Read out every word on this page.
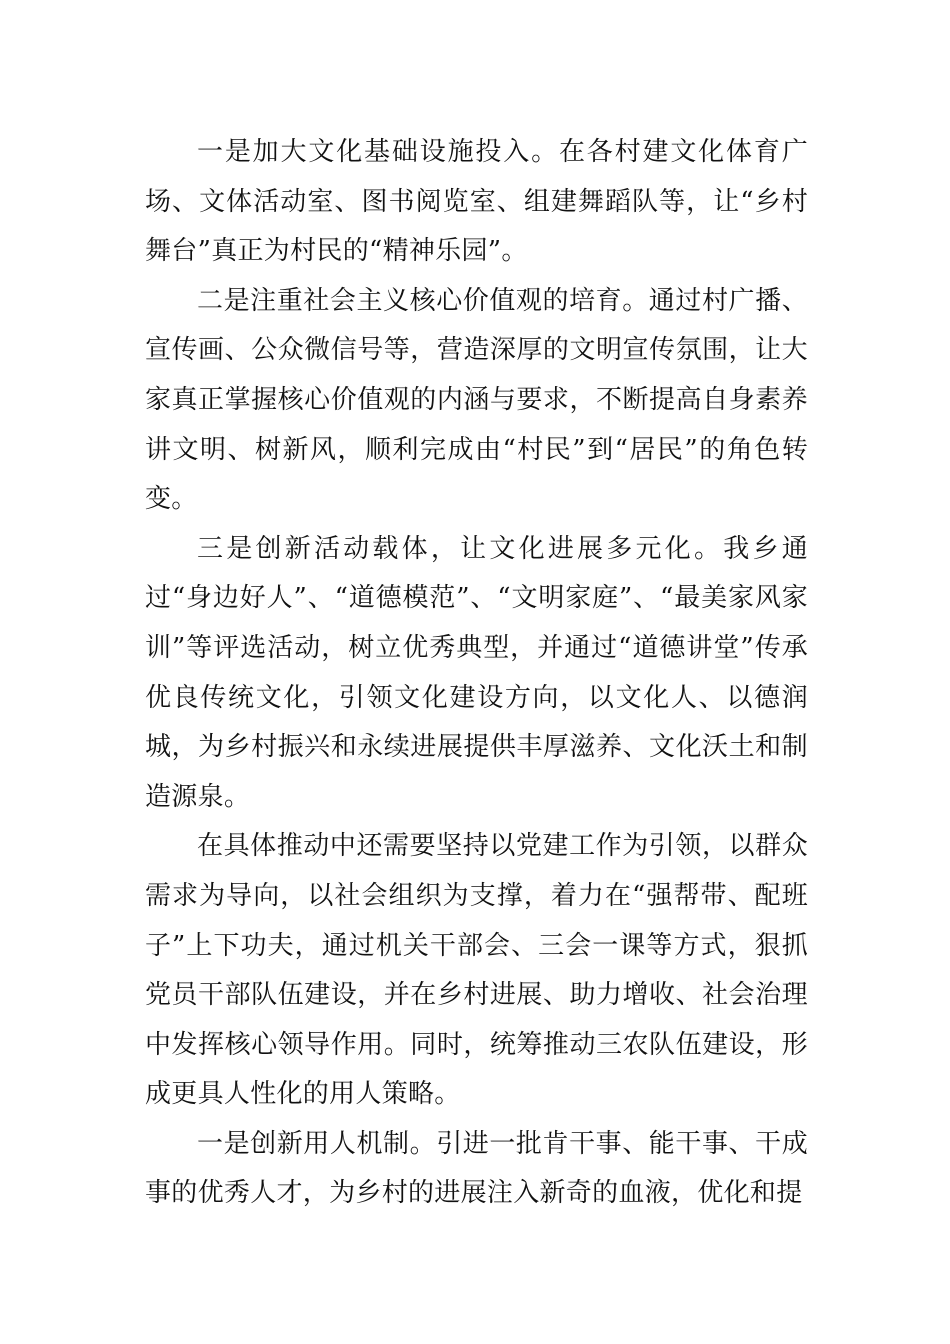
一是加大文化基础设施投入。在各村建文化体育广场、文体活动室、图书阅览室、组建舞蹈队等，让“乡村舞台”真正为村民的“精神乐园”。

二是注重社会主义核心价值观的培育。通过村广播、宣传画、公众微信号等，营造深厚的文明宣传氛围，让大家真正掌握核心价值观的内涵与要求，不断提高自身素养讲文明、树新风，顺利完成由“村民”到“居民”的角色转变。

三是创新活动载体，让文化进展多元化。我乡通过“身边好人”、“道德模范”、“文明家庭”、“最美家风家训”等评选活动，树立优秀典型，并通过“道德讲堂”传承优良传统文化，引领文化建设方向，以文化人、以德润城，为乡村振兴和永续进展提供丰厚滋养、文化沃土和制造源泉。

在具体推动中还需要坚持以党建工作为引领，以群众需求为导向，以社会组织为支撑，着力在“强帮带、配班子”上下功夫，通过机关干部会、三会一课等方式，狠抓党员干部队伍建设，并在乡村进展、助力增收、社会治理中发挥核心领导作用。同时，统筹推动三农队伍建设，形成更具人性化的用人策略。

一是创新用人机制。引进一批肯干事、能干事、干成事的优秀人才，为乡村的进展注入新奇的血液，优化和提
